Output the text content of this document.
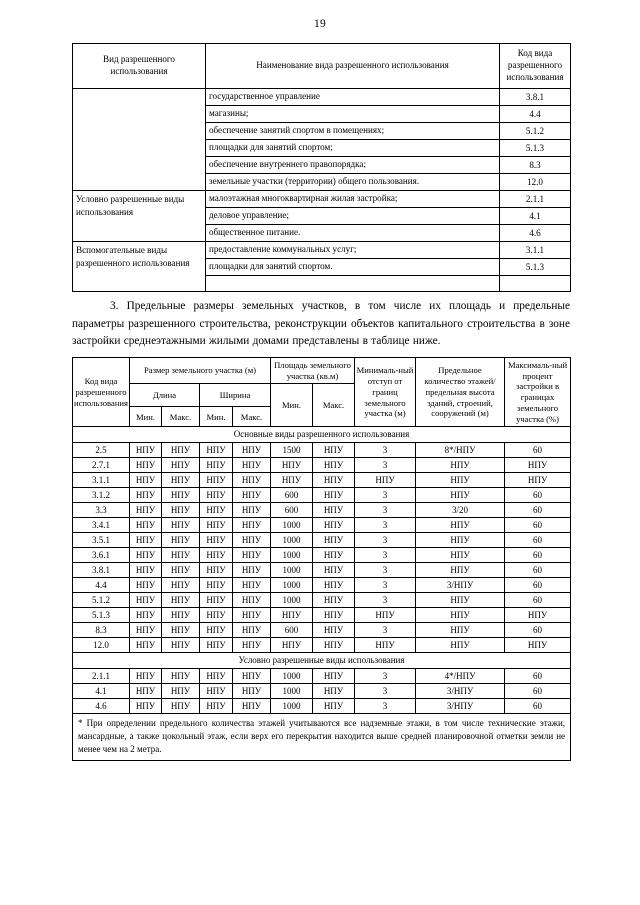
19
Вид разрешенного использования	Наименование вида разрешенного использования	Код вида разрешенного использования
	государственное управление	3.8.1
	магазины;	4.4
	обеспечение занятий спортом в помещениях;	5.1.2
	площадки для занятий спортом;	5.1.3
	обеспечение внутреннего правопорядка;	8.3
	земельные участки (территории) общего пользования.	12.0
Условно разрешенные виды использования	малоэтажная многоквартирная жилая застройка;	2.1.1
	деловое управление;	4.1
	общественное питание.	4.6
Вспомогательные виды разрешенного использования	предоставление коммунальных услуг;	3.1.1
	площадки для занятий спортом.	5.1.3

3. Предельные размеры земельных участков, в том числе их площадь и предельные параметры разрешенного строительства, реконструкции объектов капитального строительства в зоне застройки среднеэтажными жилыми домами представлены в таблице ниже.

Код вида разрешенного использования	Размер земельного участка (м)				Площадь земельного участка (кв.м)		Минималь-ный отступ от границ земельного участка (м)	Предельное количество этажей/ предельная высота зданий, строений, сооружений (м)	Максималь-ный процент застройки в границах земельного участка (%)
	Длина		Ширина		Мин.	Макс.			
	Мин.	Макс.	Мин.	Макс.					
Основные виды разрешенного использования									
2.5	НПУ	НПУ	НПУ	НПУ	1500	НПУ	3	8*/НПУ	60
2.7.1	НПУ	НПУ	НПУ	НПУ	НПУ	НПУ	3	НПУ	НПУ
3.1.1	НПУ	НПУ	НПУ	НПУ	НПУ	НПУ	НПУ	НПУ	НПУ
3.1.2	НПУ	НПУ	НПУ	НПУ	600	НПУ	3	НПУ	60
3.3	НПУ	НПУ	НПУ	НПУ	600	НПУ	3	3/20	60
3.4.1	НПУ	НПУ	НПУ	НПУ	1000	НПУ	3	НПУ	60
3.5.1	НПУ	НПУ	НПУ	НПУ	1000	НПУ	3	НПУ	60
3.6.1	НПУ	НПУ	НПУ	НПУ	1000	НПУ	3	НПУ	60
3.8.1	НПУ	НПУ	НПУ	НПУ	1000	НПУ	3	НПУ	60
4.4	НПУ	НПУ	НПУ	НПУ	1000	НПУ	3	3/НПУ	60
5.1.2	НПУ	НПУ	НПУ	НПУ	1000	НПУ	3	НПУ	60
5.1.3	НПУ	НПУ	НПУ	НПУ	НПУ	НПУ	НПУ	НПУ	НПУ
8.3	НПУ	НПУ	НПУ	НПУ	600	НПУ	3	НПУ	60
12.0	НПУ	НПУ	НПУ	НПУ	НПУ	НПУ	НПУ	НПУ	НПУ
Условно разрешенные виды использования									
2.1.1	НПУ	НПУ	НПУ	НПУ	1000	НПУ	3	4*/НПУ	60
4.1	НПУ	НПУ	НПУ	НПУ	1000	НПУ	3	3/НПУ	60
4.6	НПУ	НПУ	НПУ	НПУ	1000	НПУ	3	3/НПУ	60
* При определении предельного количества этажей учитываются все надземные этажи, в том числе технические этажи, мансардные, а также цокольный этаж, если верх его перекрытия находится выше средней планировочной отметки земли не менее чем на 2 метра.									
